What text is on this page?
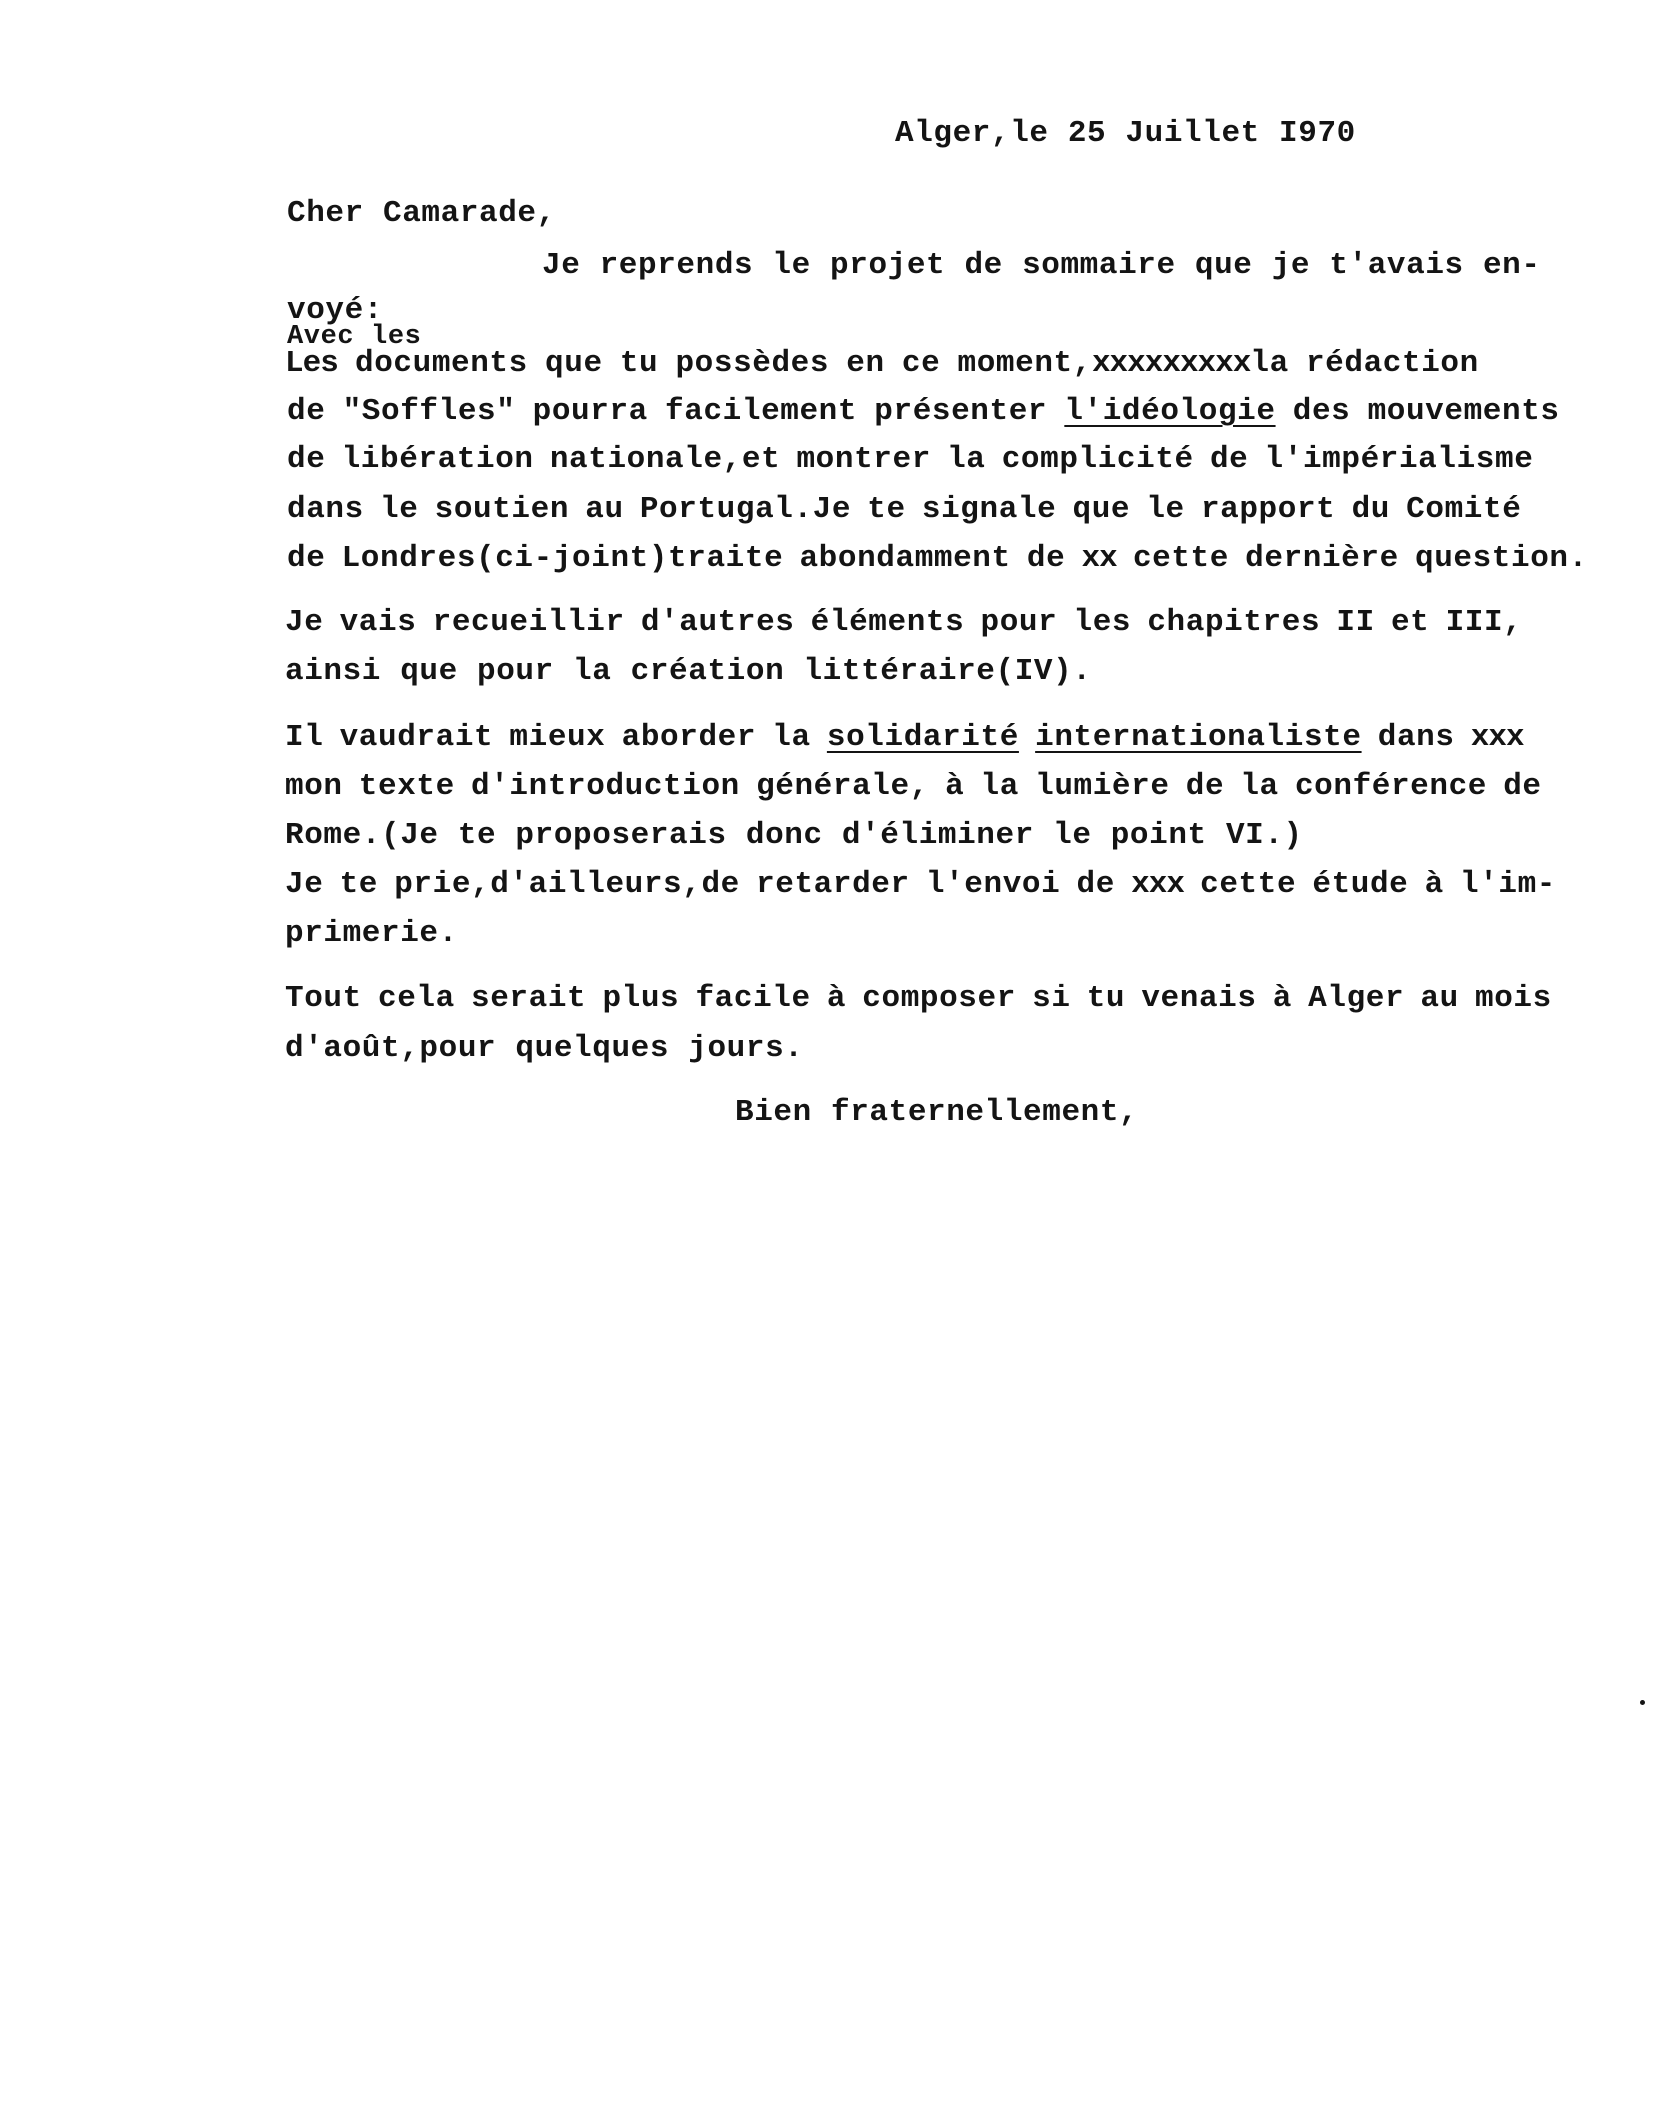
Alger,le 25 Juillet I970
Cher Camarade,
Je reprends le projet de sommaire que je t'avais en-
voyé:
Avec les
Les documents que tu possèdes en ce moment,xxxxxxxxxla rédaction
de "Soffles" pourra facilement présenter l'idéologie des mouvements
de libération nationale,et montrer la complicité de l'impérialisme
dans le soutien au Portugal.Je te signale que le rapport du Comité
de Londres(ci-joint)traite abondamment de xx cette dernière question.
Je vais recueillir d'autres éléments pour les chapitres II et III,
ainsi que pour la création littéraire(IV).
Il vaudrait mieux aborder la solidarité internationaliste dans xxx
mon texte d'introduction générale, à la lumière de la conférence de
Rome.(Je te proposerais donc d'éliminer le point VI.)
Je te prie,d'ailleurs,de retarder l'envoi de xxx cette étude à l'im-
primerie.
Tout cela serait plus facile à composer si tu venais à Alger au mois
d'août,pour quelques jours.
Bien fraternellement,
